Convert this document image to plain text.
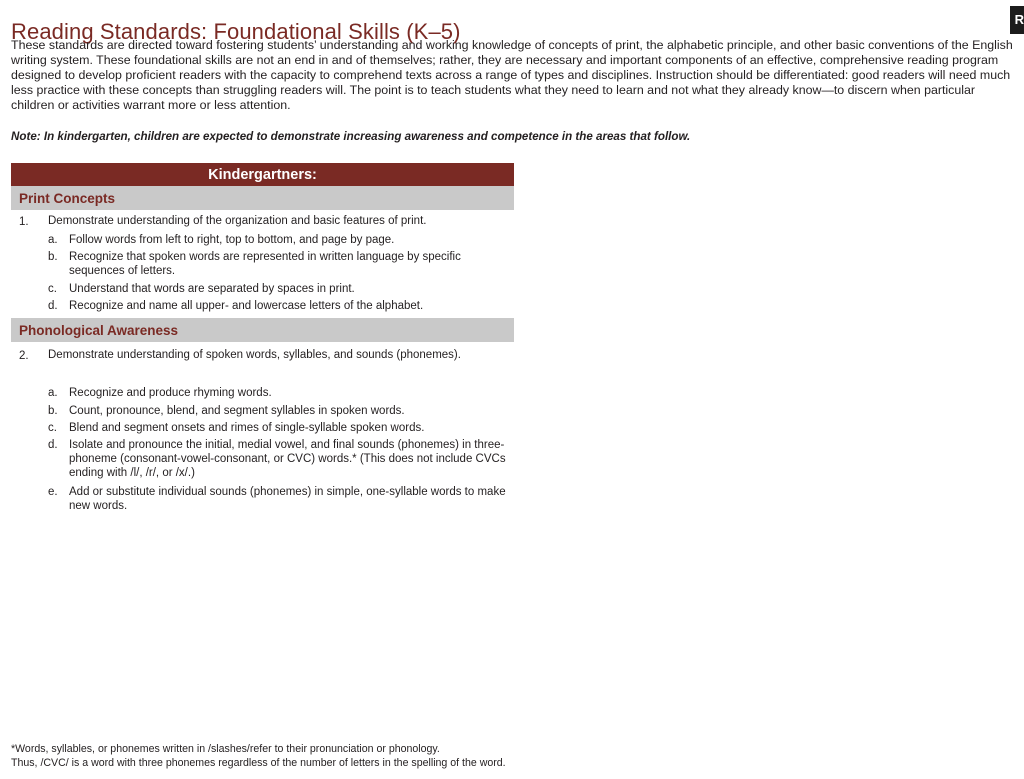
Reading Standards: Foundational Skills (K–5)	R

These standards are directed toward fostering students’ understanding and working knowledge of concepts of print, the alphabetic principle, and other basic conventions of the English writing system. These foundational skills are not an end in and of themselves; rather, they are necessary and important components of an effective, comprehensive reading program designed to develop proficient readers with the capacity to comprehend texts across a range of types and disciplines. Instruction should be differentiated: good readers will need much less practice with these concepts than struggling readers will. The point is to teach students what they need to learn and not what they already know—to discern when particular children or activities warrant more or less attention.

Note: In kindergarten, children are expected to demonstrate increasing awareness and competence in the areas that follow.

Kindergartners:
Print Concepts
1. Demonstrate understanding of the organization and basic features of print.
a. Follow words from left to right, top to bottom, and page by page.
b. Recognize that spoken words are represented in written language by specific sequences of letters.
c. Understand that words are separated by spaces in print.
d. Recognize and name all upper- and lowercase letters of the alphabet.
Phonological Awareness
2. Demonstrate understanding of spoken words, syllables, and sounds (phonemes).
a. Recognize and produce rhyming words.
b. Count, pronounce, blend, and segment syllables in spoken words.
c. Blend and segment onsets and rimes of single-syllable spoken words.
d. Isolate and pronounce the initial, medial vowel, and final sounds (phonemes) in three-phoneme (consonant-vowel-consonant, or CVC) words.* (This does not include CVCs ending with /l/, /r/, or /x/.)
e. Add or substitute individual sounds (phonemes) in simple, one-syllable words to make new words.
*Words, syllables, or phonemes written in /slashes/refer to their pronunciation or phonology.
Thus, /CVC/ is a word with three phonemes regardless of the number of letters in the spelling of the word.
